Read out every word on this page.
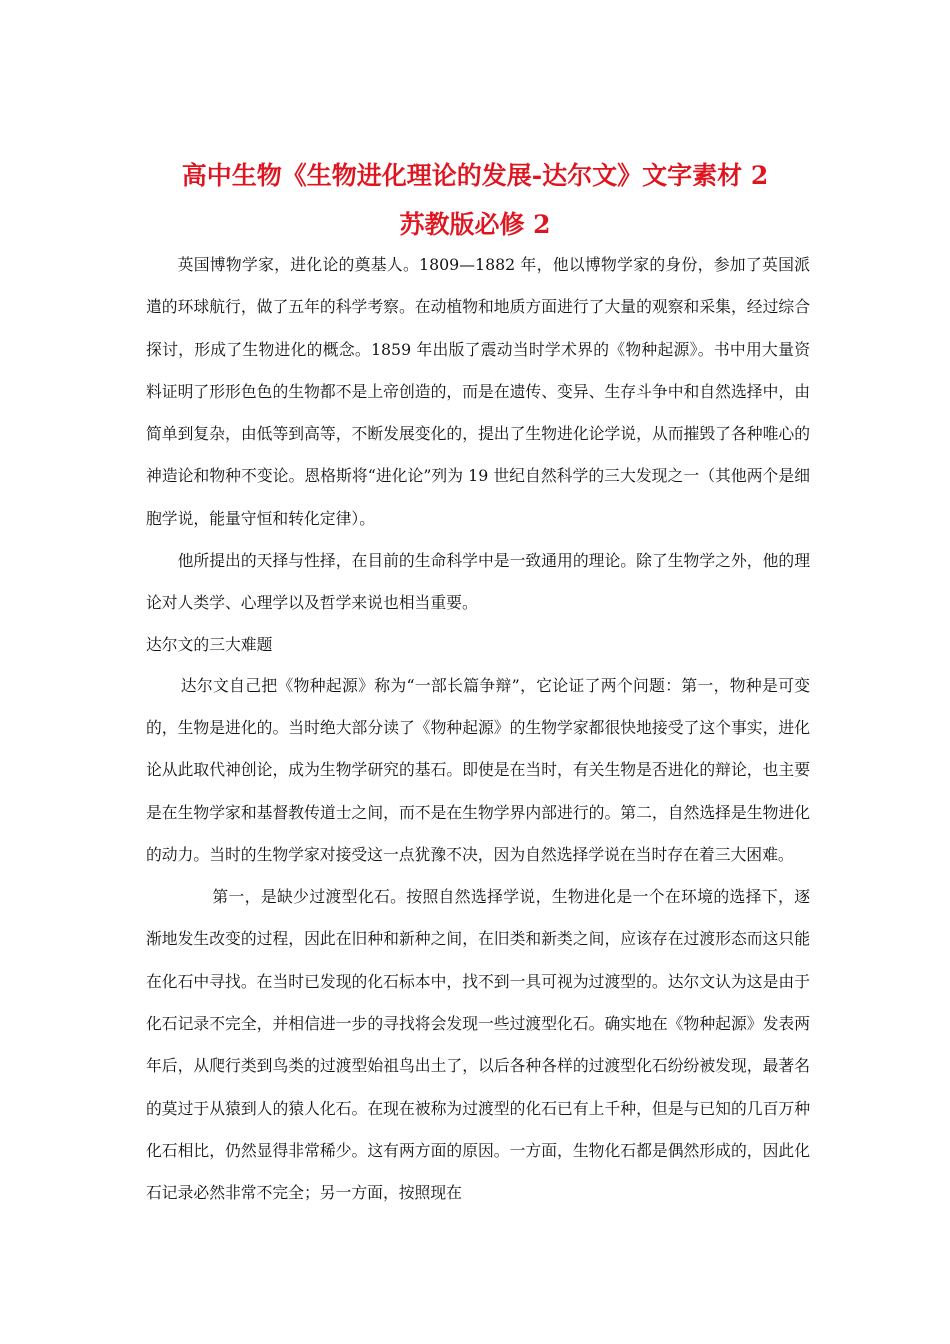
高中生物《生物进化理论的发展-达尔文》文字素材 2
苏教版必修 2

英国博物学家，进化论的奠基人。1809—1882 年，他以博物学家的身份，参加了英国派遣的环球航行，做了五年的科学考察。在动植物和地质方面进行了大量的观察和采集，经过综合探讨，形成了生物进化的概念。1859 年出版了震动当时学术界的《物种起源》。书中用大量资料证明了形形色色的生物都不是上帝创造的，而是在遗传、变异、生存斗争中和自然选择中，由简单到复杂，由低等到高等，不断发展变化的，提出了生物进化论学说，从而摧毁了各种唯心的神造论和物种不变论。恩格斯将“进化论”列为 19 世纪自然科学的三大发现之一（其他两个是细胞学说，能量守恒和转化定律）。

他所提出的天择与性择，在目前的生命科学中是一致通用的理论。除了生物学之外，他的理论对人类学、心理学以及哲学来说也相当重要。

达尔文的三大难题

达尔文自己把《物种起源》称为“一部长篇争辩”，它论证了两个问题：第一，物种是可变的，生物是进化的。当时绝大部分读了《物种起源》的生物学家都很快地接受了这个事实，进化论从此取代神创论，成为生物学研究的基石。即使是在当时，有关生物是否进化的辩论，也主要是在生物学家和基督教传道士之间，而不是在生物学界内部进行的。第二，自然选择是生物进化的动力。当时的生物学家对接受这一点犹豫不决，因为自然选择学说在当时存在着三大困难。

第一，是缺少过渡型化石。按照自然选择学说，生物进化是一个在环境的选择下，逐渐地发生改变的过程，因此在旧种和新种之间，在旧类和新类之间，应该存在过渡形态而这只能在化石中寻找。在当时已发现的化石标本中，找不到一具可视为过渡型的。达尔文认为这是由于化石记录不完全，并相信进一步的寻找将会发现一些过渡型化石。确实地在《物种起源》发表两年后，从爬行类到鸟类的过渡型始祖鸟出土了，以后各种各样的过渡型化石纷纷被发现，最著名的莫过于从猿到人的猿人化石。在现在被称为过渡型的化石已有上千种，但是与已知的几百万种化石相比，仍然显得非常稀少。这有两方面的原因。一方面，生物化石都是偶然形成的，因此化石记录必然非常不完全；另一方面，按照现在
